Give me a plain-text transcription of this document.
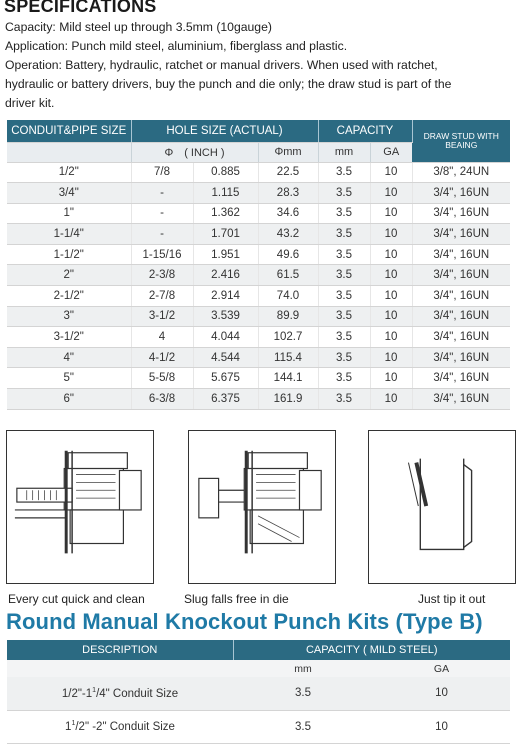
SPECIFICATIONS
Capacity: Mild steel up through 3.5mm (10gauge)
Application: Punch mild steel, aluminium, fiberglass and plastic.
Operation: Battery, hydraulic, ratchet or manual drivers. When used with ratchet, hydraulic or battery drivers, buy the punch and die only; the draw stud is part of the driver kit.
CONDUIT&PIPE SIZE	HOLE SIZE (ACTUAL)			CAPACITY		DRAW STUD WITH BEAING
	Φ　( INCH )		Φmm	mm	GA	
1/2"	7/8	0.885	22.5	3.5	10	3/8", 24UN
3/4"	-	1.115	28.3	3.5	10	3/4", 16UN
1"	-	1.362	34.6	3.5	10	3/4", 16UN
1-1/4"	-	1.701	43.2	3.5	10	3/4", 16UN
1-1/2"	1-15/16	1.951	49.6	3.5	10	3/4", 16UN
2"	2-3/8	2.416	61.5	3.5	10	3/4", 16UN
2-1/2"	2-7/8	2.914	74.0	3.5	10	3/4", 16UN
3"	3-1/2	3.539	89.9	3.5	10	3/4", 16UN
3-1/2"	4	4.044	102.7	3.5	10	3/4", 16UN
4"	4-1/2	4.544	115.4	3.5	10	3/4", 16UN
5"	5-5/8	5.675	144.1	3.5	10	3/4", 16UN
6"	6-3/8	6.375	161.9	3.5	10	3/4", 16UN
Every cut quick and clean	Slug falls free in die	Just tip it out
Round Manual Knockout Punch Kits (Type B)
DESCRIPTION	CAPACITY ( MILD STEEL)	
	mm	GA
$1/2"-1^1/4$" Conduit Size	3.5	10
$1^1/2$" -2" Conduit Size	3.5	10
